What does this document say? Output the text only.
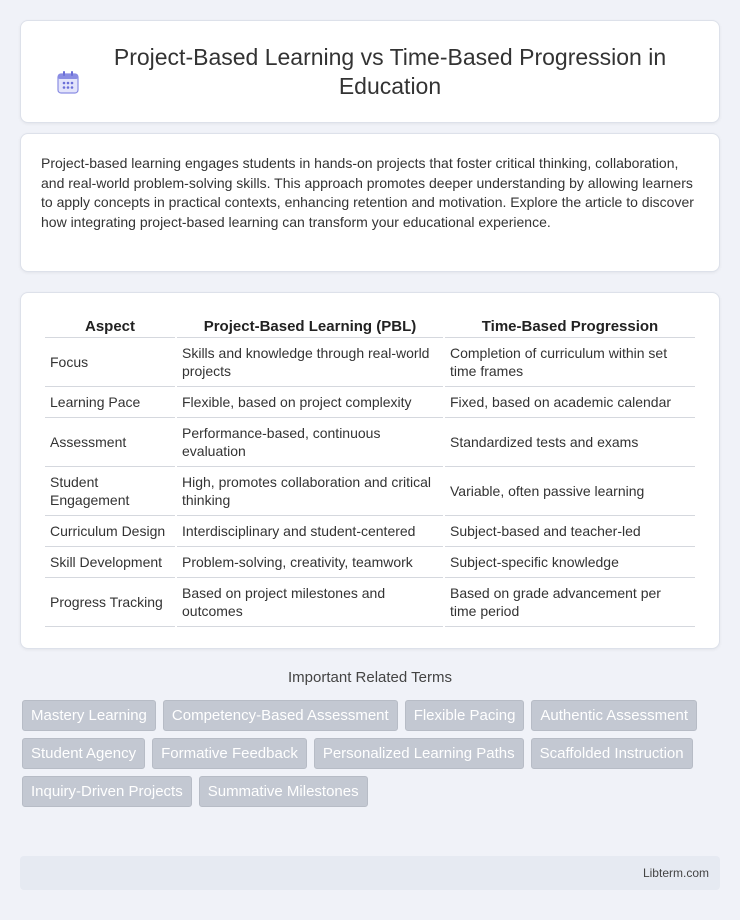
Project-Based Learning vs Time-Based Progression in Education

Project-based learning engages students in hands-on projects that foster critical thinking, collaboration, and real-world problem-solving skills. This approach promotes deeper understanding by allowing learners to apply concepts in practical contexts, enhancing retention and motivation. Explore the article to discover how integrating project-based learning can transform your educational experience.

Aspect	Project-Based Learning (PBL)	Time-Based Progression
Focus	Skills and knowledge through real-world projects	Completion of curriculum within set time frames
Learning Pace	Flexible, based on project complexity	Fixed, based on academic calendar
Assessment	Performance-based, continuous evaluation	Standardized tests and exams
Student Engagement	High, promotes collaboration and critical thinking	Variable, often passive learning
Curriculum Design	Interdisciplinary and student-centered	Subject-based and teacher-led
Skill Development	Problem-solving, creativity, teamwork	Subject-specific knowledge
Progress Tracking	Based on project milestones and outcomes	Based on grade advancement per time period
Important Related Terms
Mastery Learning	Competency-Based Assessment	Flexible Pacing	Authentic Assessment
Student Agency	Formative Feedback	Personalized Learning Paths	Scaffolded Instruction
Inquiry-Driven Projects	Summative Milestones
Libterm.com
